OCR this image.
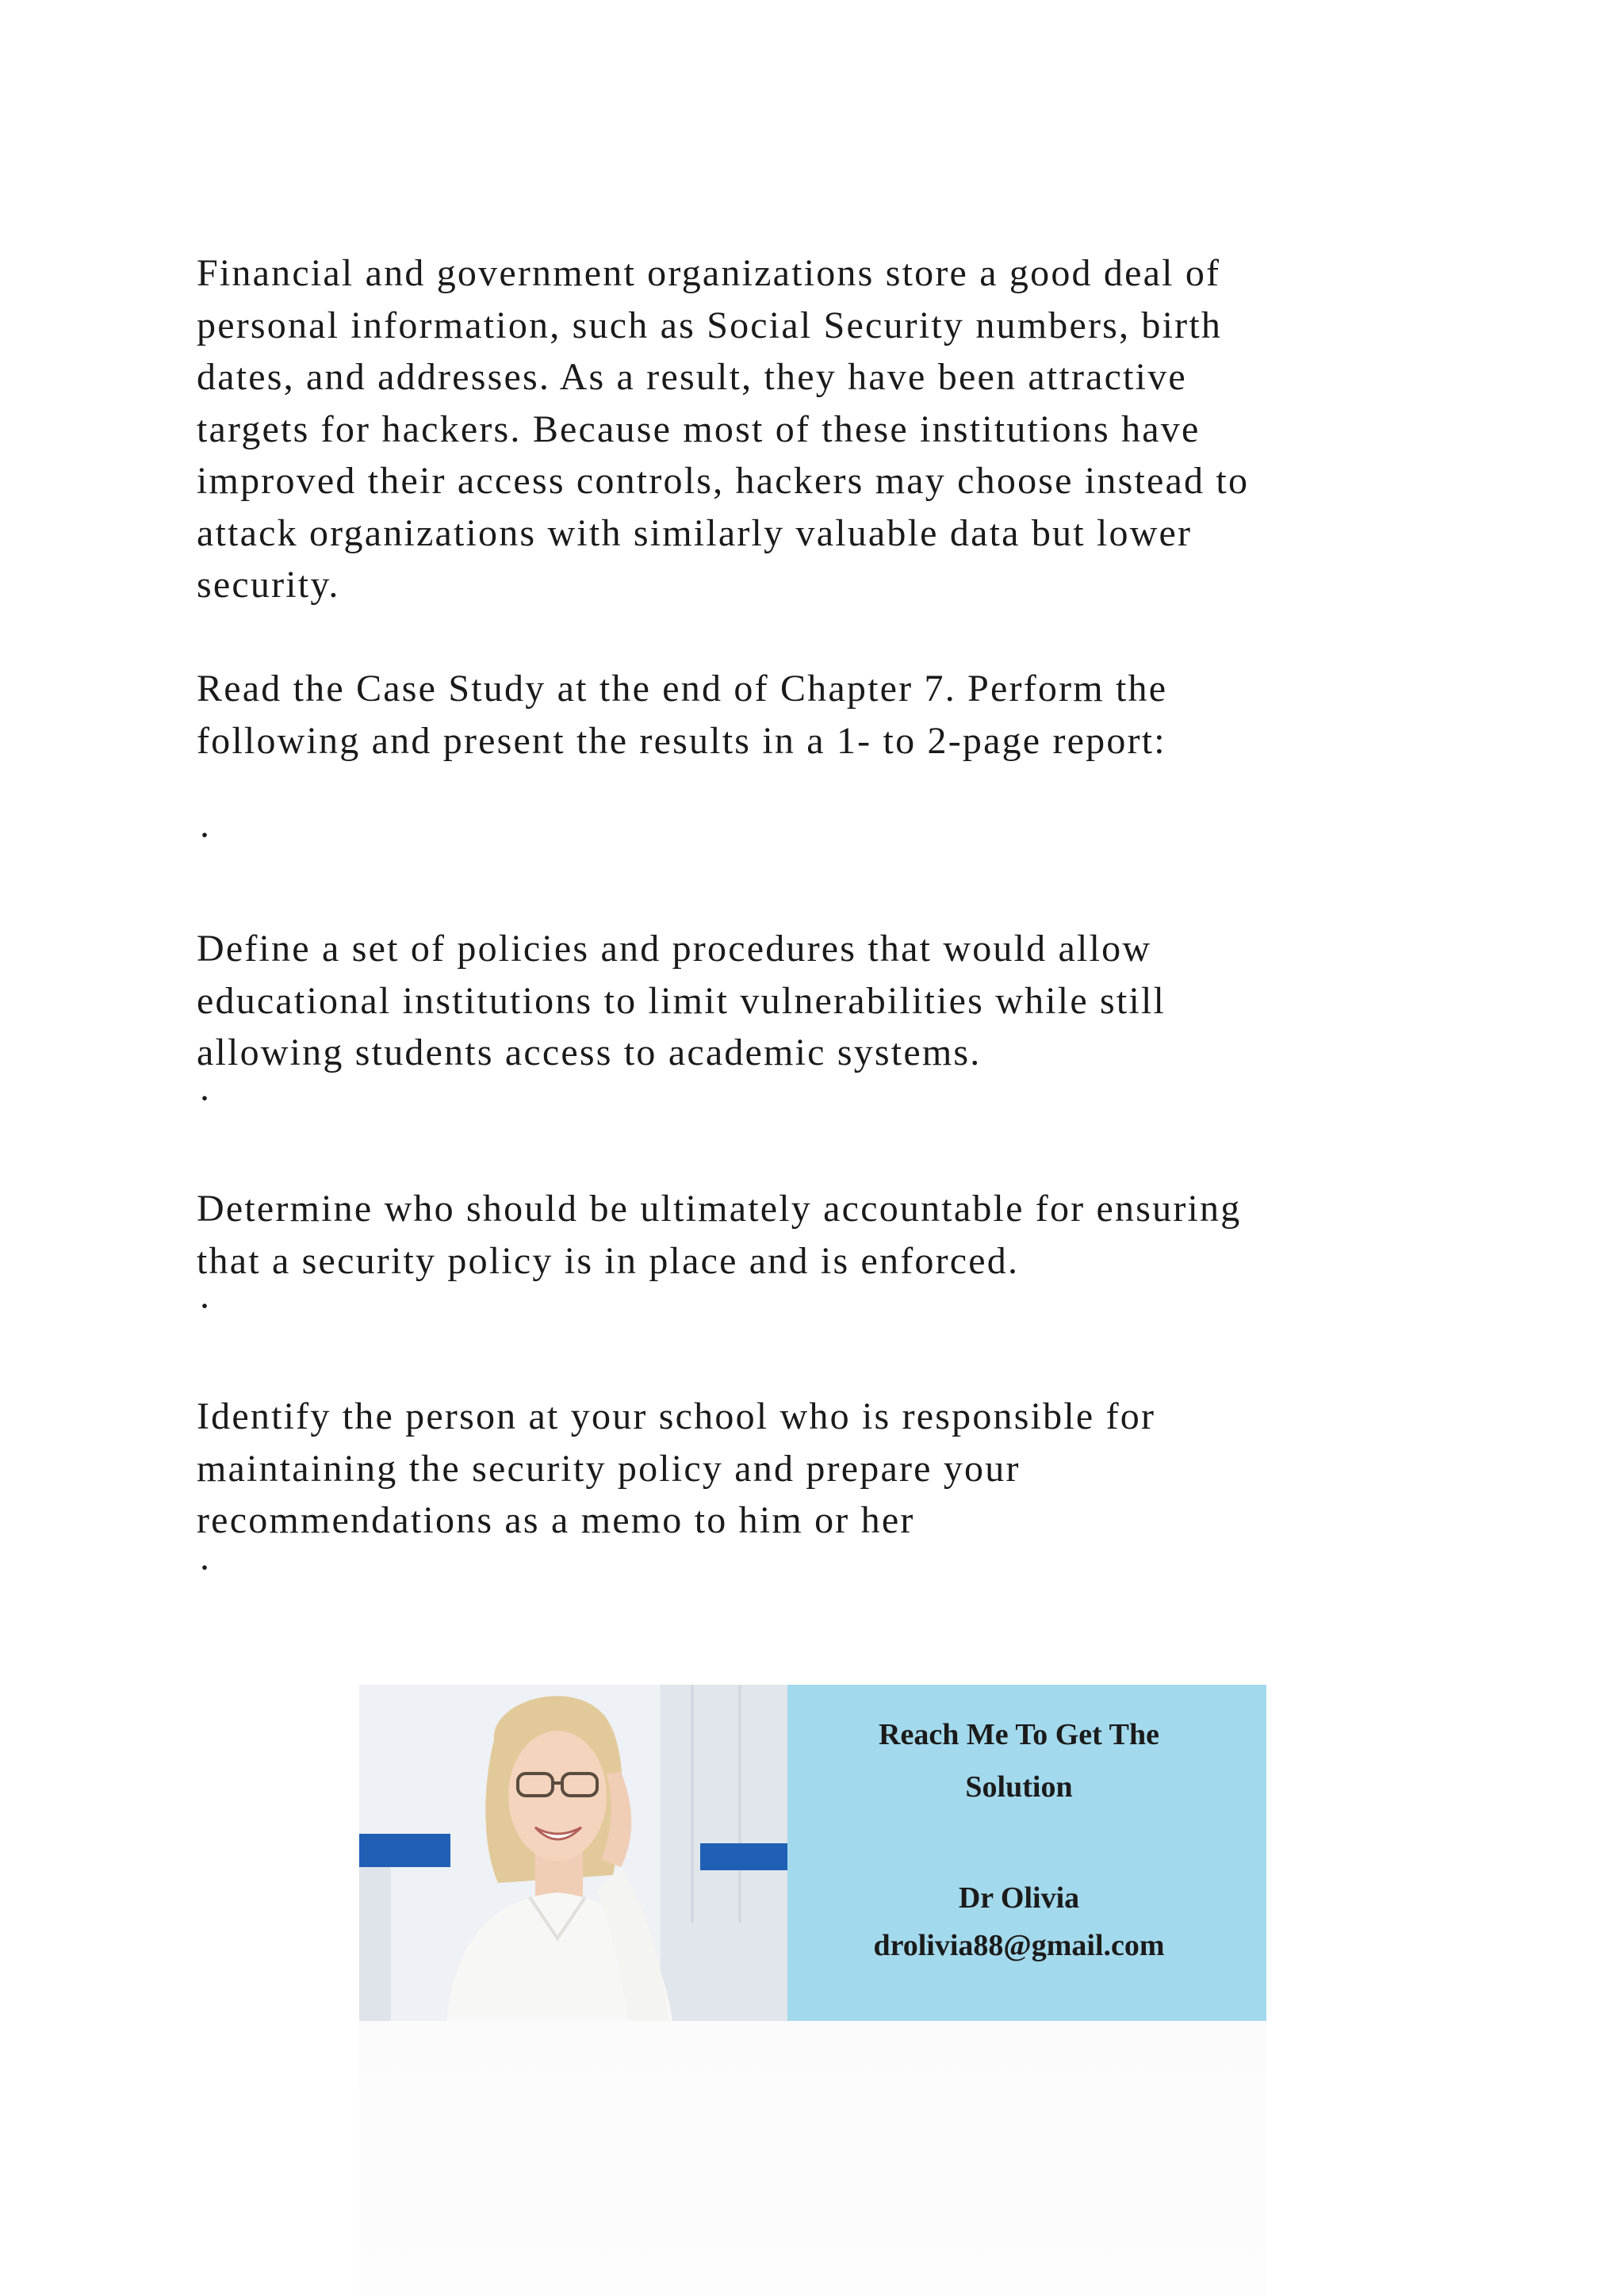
Financial and government organizations store a good deal of
personal information, such as Social Security numbers, birth
dates, and addresses. As a result, they have been attractive
targets for hackers. Because most of these institutions have
improved their access controls, hackers may choose instead to
attack organizations with similarly valuable data but lower
security.

Read the Case Study at the end of Chapter 7. Perform the
following and present the results in a 1- to 2-page report:

·

Define a set of policies and procedures that would allow
educational institutions to limit vulnerabilities while still
allowing students access to academic systems.

·

Determine who should be ultimately accountable for ensuring
that a security policy is in place and is enforced.

·

Identify the person at your school who is responsible for
maintaining the security policy and prepare your
recommendations as a memo to him or her

·

Reach Me To Get The
Solution
Dr Olivia
drolivia88@gmail.com
